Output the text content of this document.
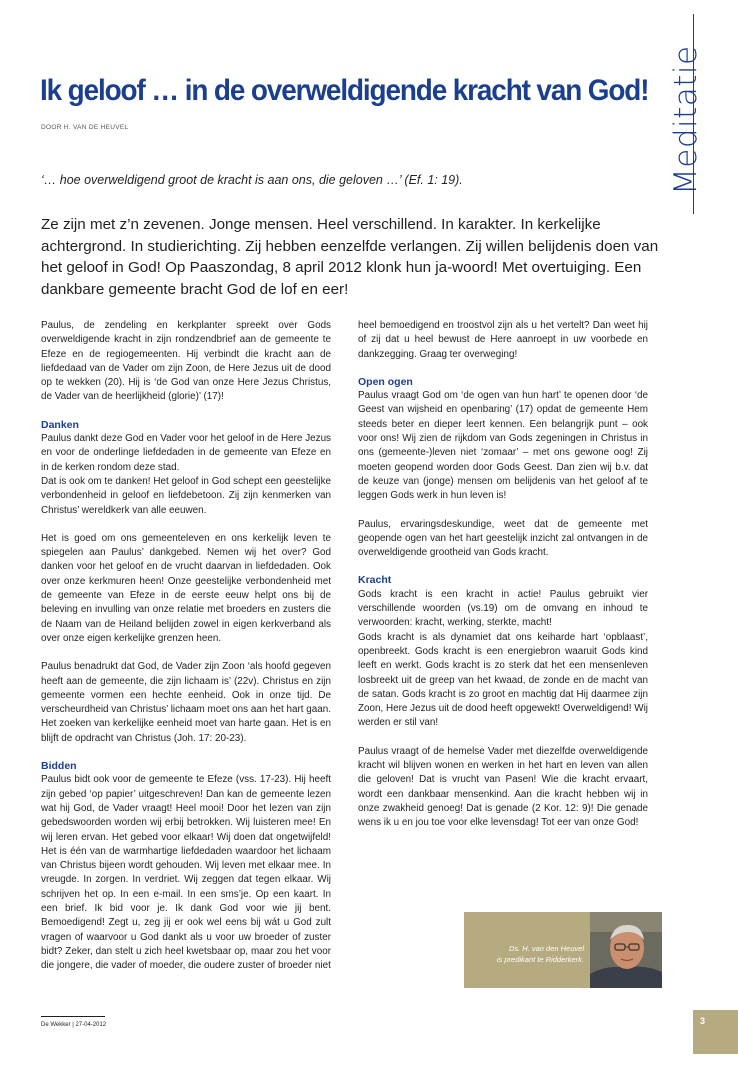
Meditatie
Ik geloof … in de overweldigende kracht van God!
DOOR H. VAN DE HEUVEL
‘… hoe overweldigend groot de kracht is aan ons, die geloven …’ (Ef. 1: 19).
Ze zijn met z’n zevenen. Jonge mensen. Heel verschillend. In karakter. In kerkelijke achtergrond. In studierichting. Zij hebben eenzelfde verlangen. Zij willen belijdenis doen van het geloof in God! Op Paaszondag, 8 april 2012 klonk hun ja-woord! Met overtuiging. Een dankbare gemeente bracht God de lof en eer!

Paulus, de zendeling en kerkplanter spreekt over Gods overweldigende kracht in zijn rondzendbrief aan de gemeente te Efeze en de regiogemeenten. Hij verbindt die kracht aan de liefdedaad van de Vader om zijn Zoon, de Here Jezus uit de dood op te wekken (20). Hij is ‘de God van onze Here Jezus Christus, de Vader van de heerlijkheid (glorie)’ (17)!

Danken

Paulus dankt deze God en Vader voor het geloof in de Here Jezus en voor de onderlinge liefdedaden in de gemeente van Efeze en in de kerken rondom deze stad.

Dat is ook om te danken! Het geloof in God schept een geestelijke verbondenheid in geloof en liefdebetoon. Zij zijn kenmerken van Christus’ wereldkerk van alle eeuwen.

Het is goed om ons gemeenteleven en ons kerkelijk leven te spiegelen aan Paulus’ dankgebed. Nemen wij het over? God danken voor het geloof en de vrucht daarvan in liefdedaden. Ook over onze kerkmuren heen! Onze geestelijke verbondenheid met de gemeente van Efeze in de eerste eeuw helpt ons bij de beleving en invulling van onze relatie met broeders en zusters die de Naam van de Heiland belijden zowel in eigen kerkverband als over onze eigen kerkelijke grenzen heen.

Paulus benadrukt dat God, de Vader zijn Zoon ‘als hoofd gegeven heeft aan de gemeente, die zijn lichaam is’ (22v). Christus en zijn gemeente vormen een hechte eenheid. Ook in onze tijd. De verscheurdheid van Christus’ lichaam moet ons aan het hart gaan. Het zoeken van kerkelijke eenheid moet van harte gaan. Het is en blijft de opdracht van Christus (Joh. 17: 20-23).

Bidden

Paulus bidt ook voor de gemeente te Efeze (vss. 17-23). Hij heeft zijn gebed ‘op papier’ uitgeschreven! Dan kan de gemeente lezen wat hij God, de Vader vraagt! Heel mooi! Door het lezen van zijn gebedswoorden worden wij erbij betrokken. Wij luisteren mee! En wij leren ervan. Het gebed voor elkaar! Wij doen dat ongetwijfeld! Het is één van de warmhartige liefdedaden waardoor het lichaam van Christus bijeen wordt gehouden. Wij leven met elkaar mee. In vreugde. In zorgen. In verdriet. Wij zeggen dat tegen elkaar. Wij schrijven het op. In een e-mail. In een sms’je. Op een kaart. In een brief. Ik bid voor je. Ik dank God voor wie jij bent. Bemoedigend! Zegt u, zeg jij er ook wel eens bij wát u God zult vragen of waarvoor u God dankt als u voor uw broeder of zuster bidt? Zeker, dan stelt u zich heel kwetsbaar op, maar zou het voor die jongere, die vader of moeder, die oudere zuster of broeder niet

heel bemoedigend en troostvol zijn als u het vertelt? Dan weet hij of zij dat u heel bewust de Here aanroept in uw voorbede en dankzegging. Graag ter overweging!

Open ogen

Paulus vraagt God om ‘de ogen van hun hart’ te openen door ‘de Geest van wijsheid en openbaring’ (17) opdat de gemeente Hem steeds beter en dieper leert kennen. Een belangrijk punt – ook voor ons! Wij zien de rijkdom van Gods zegeningen in Christus in ons (gemeente-)leven niet ‘zomaar’ – met ons gewone oog! Zij moeten geopend worden door Gods Geest. Dan zien wij b.v. dat de keuze van (jonge) mensen om belijdenis van het geloof af te leggen Gods werk in hun leven is!

Paulus, ervaringsdeskundige, weet dat de gemeente met geopende ogen van het hart geestelijk inzicht zal ontvangen in de overweldigende grootheid van Gods kracht.

Kracht

Gods kracht is een kracht in actie! Paulus gebruikt vier verschillende woorden (vs.19) om de omvang en inhoud te verwoorden: kracht, werking, sterkte, macht!

Gods kracht is als dynamiet dat ons keiharde hart ‘opblaast’, openbreekt. Gods kracht is een energiebron waaruit Gods kind leeft en werkt. Gods kracht is zo sterk dat het een mensenleven losbreekt uit de greep van het kwaad, de zonde en de macht van de satan. Gods kracht is zo groot en machtig dat Hij daarmee zijn Zoon, Here Jezus uit de dood heeft opgewekt! Overweldigend! Wij werden er stil van!

Paulus vraagt of de hemelse Vader met diezelfde overweldigende kracht wil blijven wonen en werken in het hart en leven van allen die geloven! Dat is vrucht van Pasen! Wie die kracht ervaart, wordt een dankbaar mensenkind. Aan die kracht hebben wij in onze zwakheid genoeg! Dat is genade (2 Kor. 12: 9)! Die genade wens ik u en jou toe voor elke levensdag! Tot eer van onze God!

Ds. H. van den Heuvel
is predikant te Ridderkerk.
De Wekker | 27-04-2012	3
